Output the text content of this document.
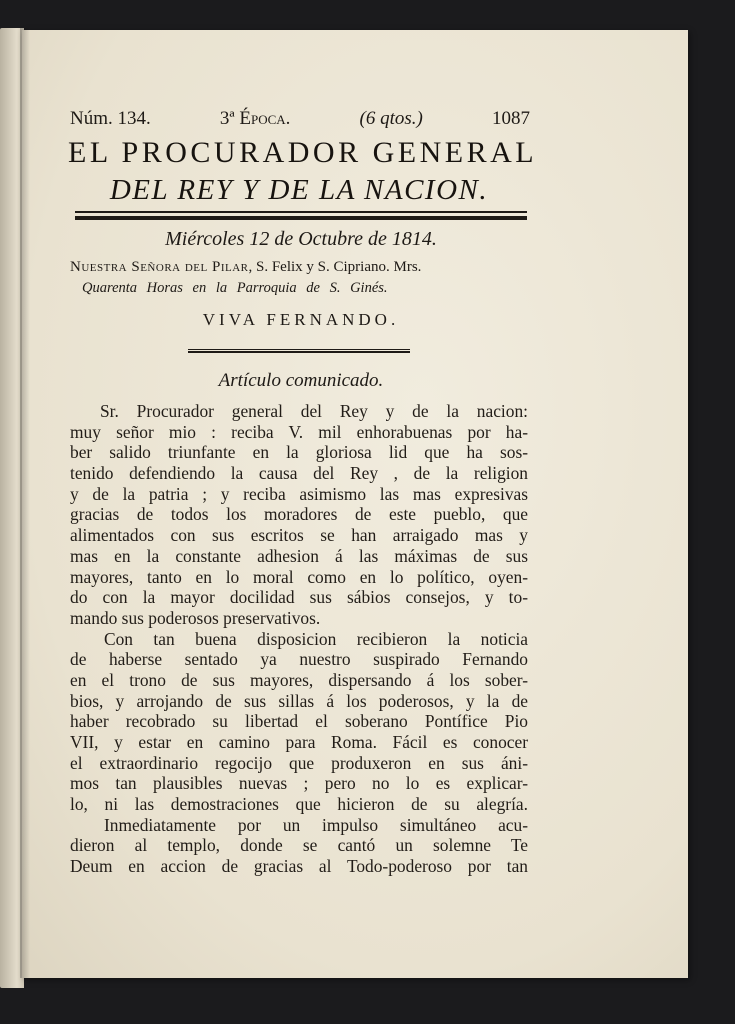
Núm. 134.	3ª Época.	(6 qtos.)	1087
EL PROCURADOR GENERAL
DEL REY Y DE LA NACION.
Miércoles 12 de Octubre de 1814.
Nuestra Señora del Pilar, S. Felix y S. Cipriano. Mrs.
Quarenta Horas en la Parroquia de S. Ginés.
VIVA FERNANDO.
Artículo comunicado.
Sr. Procurador general del Rey y de la nacion:
muy señor mio : reciba V. mil enhorabuenas por ha-
ber salido triunfante en la gloriosa lid que ha sos-
tenido defendiendo la causa del Rey , de la religion
y de la patria ; y reciba asimismo las mas expresivas
gracias de todos los moradores de este pueblo, que
alimentados con sus escritos se han arraigado mas y
mas en la constante adhesion á las máximas de sus
mayores, tanto en lo moral como en lo político, oyen-
do con la mayor docilidad sus sábios consejos, y to-
mando sus poderosos preservativos.
Con tan buena disposicion recibieron la noticia
de haberse sentado ya nuestro suspirado Fernando
en el trono de sus mayores, dispersando á los sober-
bios, y arrojando de sus sillas á los poderosos, y la de
haber recobrado su libertad el soberano Pontífice Pio
VII, y estar en camino para Roma. Fácil es conocer
el extraordinario regocijo que produxeron en sus áni-
mos tan plausibles nuevas ; pero no lo es explicar-
lo, ni las demostraciones que hicieron de su alegría.
Inmediatamente por un impulso simultáneo acu-
dieron al templo, donde se cantó un solemne Te
Deum en accion de gracias al Todo-poderoso por tan
